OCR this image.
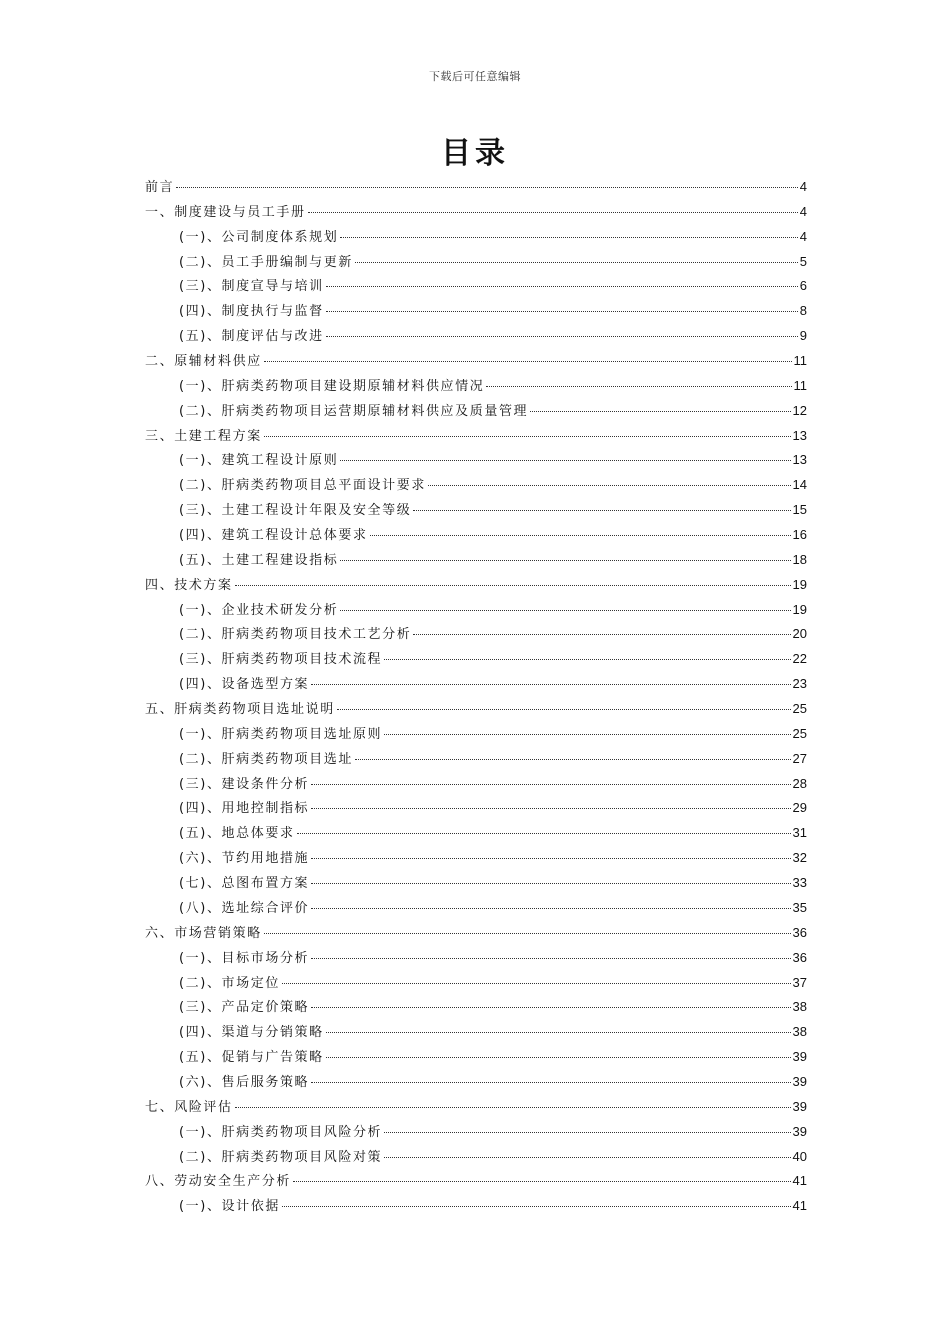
下载后可任意编辑
目录
前言	4
一、制度建设与员工手册	4
(一)、公司制度体系规划	4
(二)、员工手册编制与更新	5
(三)、制度宣导与培训	6
(四)、制度执行与监督	8
(五)、制度评估与改进	9
二、原辅材料供应	11
(一)、肝病类药物项目建设期原辅材料供应情况	11
(二)、肝病类药物项目运营期原辅材料供应及质量管理	12
三、土建工程方案	13
(一)、建筑工程设计原则	13
(二)、肝病类药物项目总平面设计要求	14
(三)、土建工程设计年限及安全等级	15
(四)、建筑工程设计总体要求	16
(五)、土建工程建设指标	18
四、技术方案	19
(一)、企业技术研发分析	19
(二)、肝病类药物项目技术工艺分析	20
(三)、肝病类药物项目技术流程	22
(四)、设备选型方案	23
五、肝病类药物项目选址说明	25
(一)、肝病类药物项目选址原则	25
(二)、肝病类药物项目选址	27
(三)、建设条件分析	28
(四)、用地控制指标	29
(五)、地总体要求	31
(六)、节约用地措施	32
(七)、总图布置方案	33
(八)、选址综合评价	35
六、市场营销策略	36
(一)、目标市场分析	36
(二)、市场定位	37
(三)、产品定价策略	38
(四)、渠道与分销策略	38
(五)、促销与广告策略	39
(六)、售后服务策略	39
七、风险评估	39
(一)、肝病类药物项目风险分析	39
(二)、肝病类药物项目风险对策	40
八、劳动安全生产分析	41
(一)、设计依据	41
